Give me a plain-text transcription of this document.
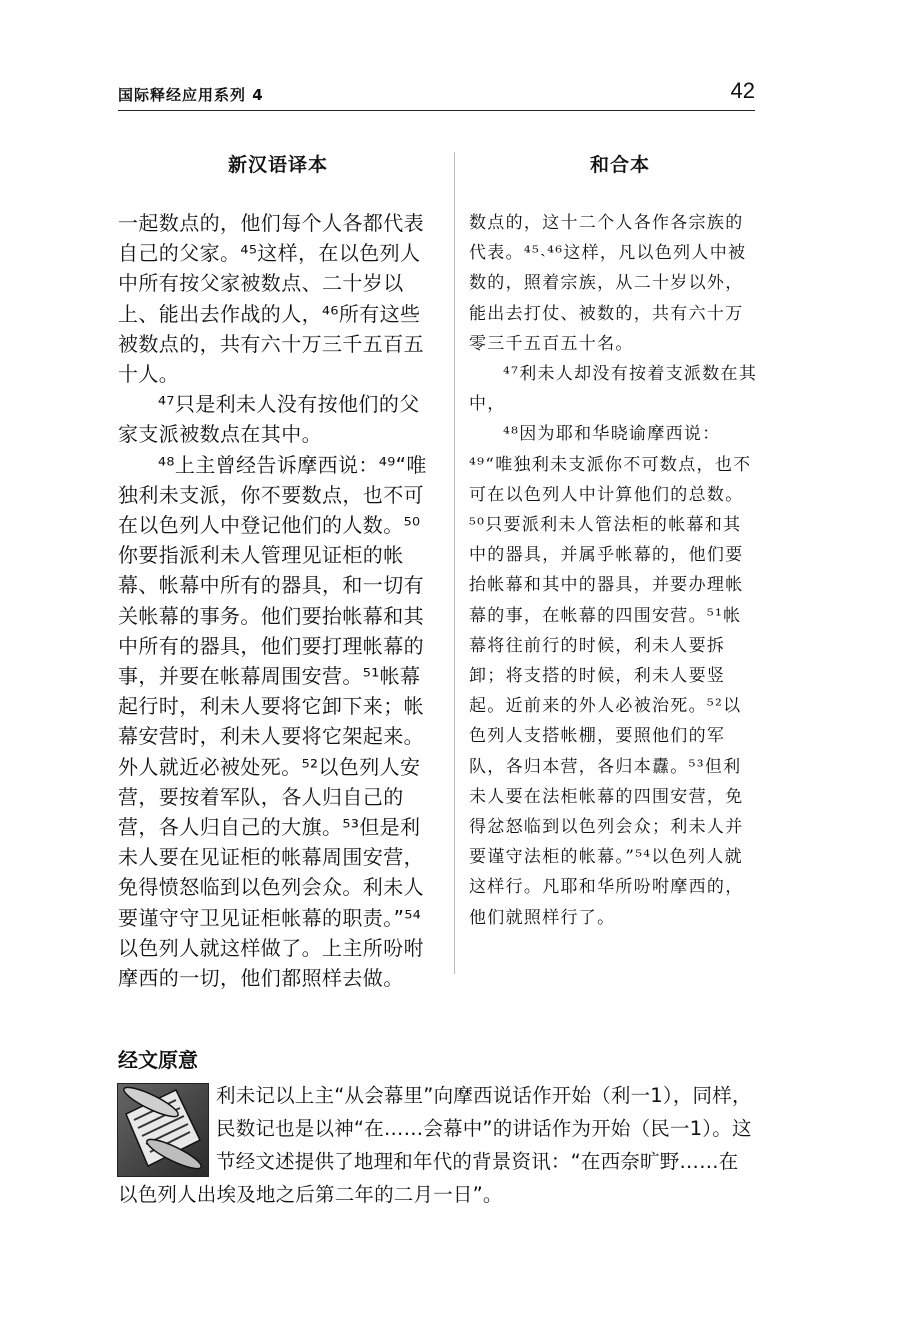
国际释经应用系列 4	42
新汉语译本	和合本

一起数点的，他们每个人各都代表自己的父家。⁴⁵这样，在以色列人中所有按父家被数点、二十岁以上、能出去作战的人，⁴⁶所有这些被数点的，共有六十万三千五百五十人。

⁴⁷只是利未人没有按他们的父家支派被数点在其中。

⁴⁸上主曾经告诉摩西说：⁴⁹“唯独利未支派，你不要数点，也不可在以色列人中登记他们的人数。⁵⁰你要指派利未人管理见证柜的帐幕、帐幕中所有的器具，和一切有关帐幕的事务。他们要抬帐幕和其中所有的器具，他们要打理帐幕的事，并要在帐幕周围安营。⁵¹帐幕起行时，利未人要将它卸下来；帐幕安营时，利未人要将它架起来。外人就近必被处死。⁵²以色列人安营，要按着军队，各人归自己的营，各人归自己的大旗。⁵³但是利未人要在见证柜的帐幕周围安营，免得愤怒临到以色列会众。利未人要谨守守卫见证柜帐幕的职责。”⁵⁴以色列人就这样做了。上主所吩咐摩西的一切，他们都照样去做。

数点的，这十二个人各作各宗族的代表。⁴⁵˴⁴⁶这样，凡以色列人中被数的，照着宗族，从二十岁以外，能出去打仗、被数的，共有六十万零三千五百五十名。

⁴⁷利未人却没有按着支派数在其中，

⁴⁸因为耶和华晓谕摩西说：⁴⁹“唯独利未支派你不可数点，也不可在以色列人中计算他们的总数。⁵⁰只要派利未人管法柜的帐幕和其中的器具，并属乎帐幕的，他们要抬帐幕和其中的器具，并要办理帐幕的事，在帐幕的四围安营。⁵¹帐幕将往前行的时候，利未人要拆卸；将支搭的时候，利未人要竖起。近前来的外人必被治死。⁵²以色列人支搭帐棚，要照他们的军队，各归本营，各归本纛。⁵³但利未人要在法柜帐幕的四围安营，免得忿怒临到以色列会众；利未人并要谨守法柜的帐幕。”⁵⁴以色列人就这样行。凡耶和华所吩咐摩西的，他们就照样行了。

经文原意

利未记以上主“从会幕里”向摩西说话作开始（利一1），同样，民数记也是以神“在……会幕中”的讲话作为开始（民一1）。这节经文述提供了地理和年代的背景资讯：“在西奈旷野……在以色列人出埃及地之后第二年的二月一日”。
